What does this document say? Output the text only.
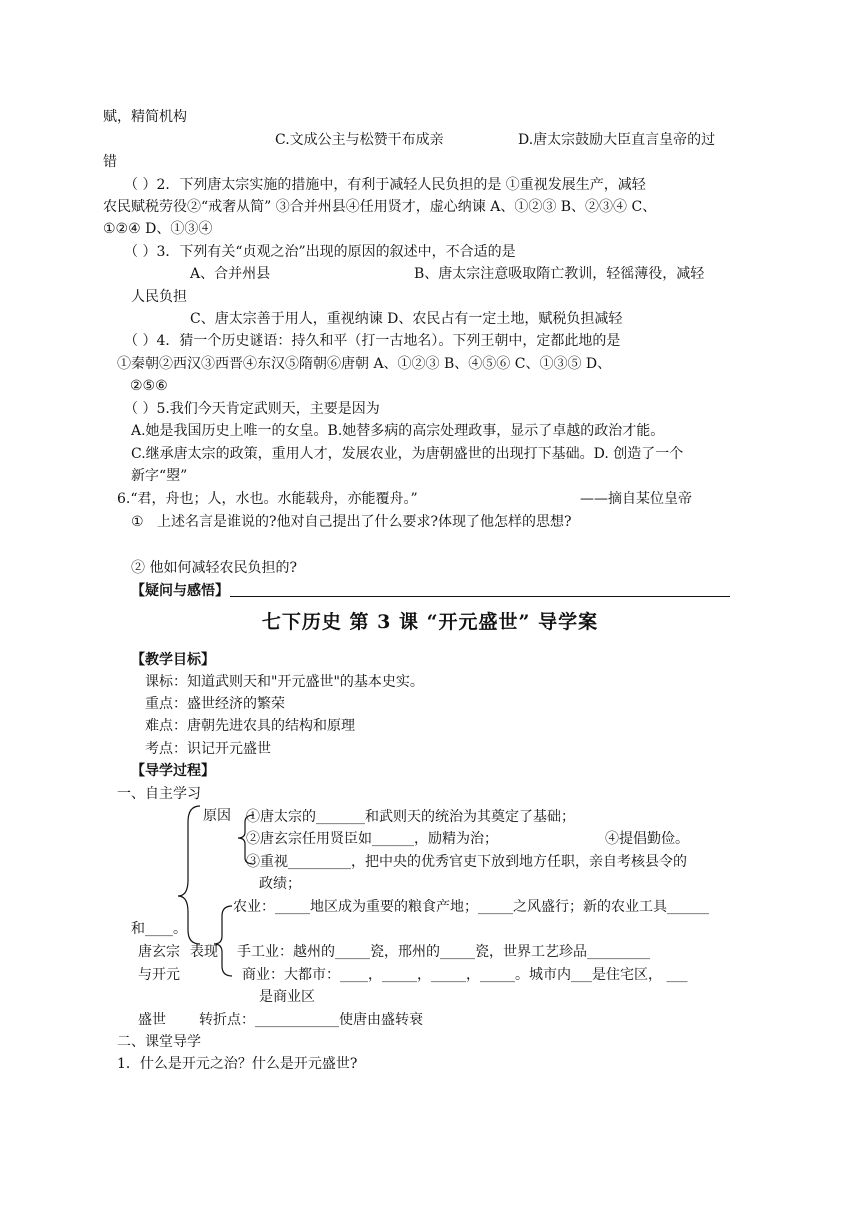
赋，精简机构
C.文成公主与松赞干布成亲	D.唐太宗鼓励大臣直言皇帝的过
错
（ ）2．下列唐太宗实施的措施中，有利于减轻人民负担的是 ①重视发展生产，减轻
农民赋税劳役②“戒奢从简” ③合并州县④任用贤才，虚心纳谏 A、①②③ B、②③④ C、
①②④ D、①③④
（ ）3．下列有关“贞观之治”出现的原因的叙述中，不合适的是
A、合并州县	B、唐太宗注意吸取隋亡教训，轻徭薄役，减轻
人民负担
C、唐太宗善于用人，重视纳谏 D、农民占有一定土地，赋税负担减轻
（ ）4．猜一个历史谜语：持久和平（打一古地名）。下列王朝中，定都此地的是
①秦朝②西汉③西晋④东汉⑤隋朝⑥唐朝 A、①②③ B、④⑤⑥ C、①③⑤ D、
②⑤⑥
（ ）5.我们今天肯定武则天，主要是因为
A.她是我国历史上唯一的女皇。B.她替多病的高宗处理政事，显示了卓越的政治才能。
C.继承唐太宗的政策，重用人才，发展农业，为唐朝盛世的出现打下基础。D. 创造了一个
新字“曌”
6.“君，舟也；人，水也。水能载舟，亦能覆舟。”	——摘自某位皇帝
① 上述名言是谁说的?他对自己提出了什么要求?体现了他怎样的思想?
② 他如何减轻农民负担的?
【疑问与感悟】
七下历史 第 3 课 “开元盛世” 导学案
【教学目标】
课标：知道武则天和"开元盛世"的基本史实。
重点：盛世经济的繁荣
难点：唐朝先进农具的结构和原理
考点：识记开元盛世
【导学过程】
一、自主学习
原因 ①唐太宗的_______和武则天的统治为其奠定了基础；
②唐玄宗任用贤臣如______，励精为治；	④提倡勤俭。
③重视_________，把中央的优秀官吏下放到地方任职，亲自考核县令的
政绩；
农业：_____地区成为重要的粮食产地；_____之风盛行；新的农业工具______
和____。
唐玄宗 表现 手工业：越州的_____瓷，邢州的_____瓷，世界工艺珍品_________
与开元	商业：大都市：____，_____，_____，_____。城市内___是住宅区， ___
是商业区
盛世 转折点：____________使唐由盛转衰
二、课堂导学
1．什么是开元之治？什么是开元盛世?
